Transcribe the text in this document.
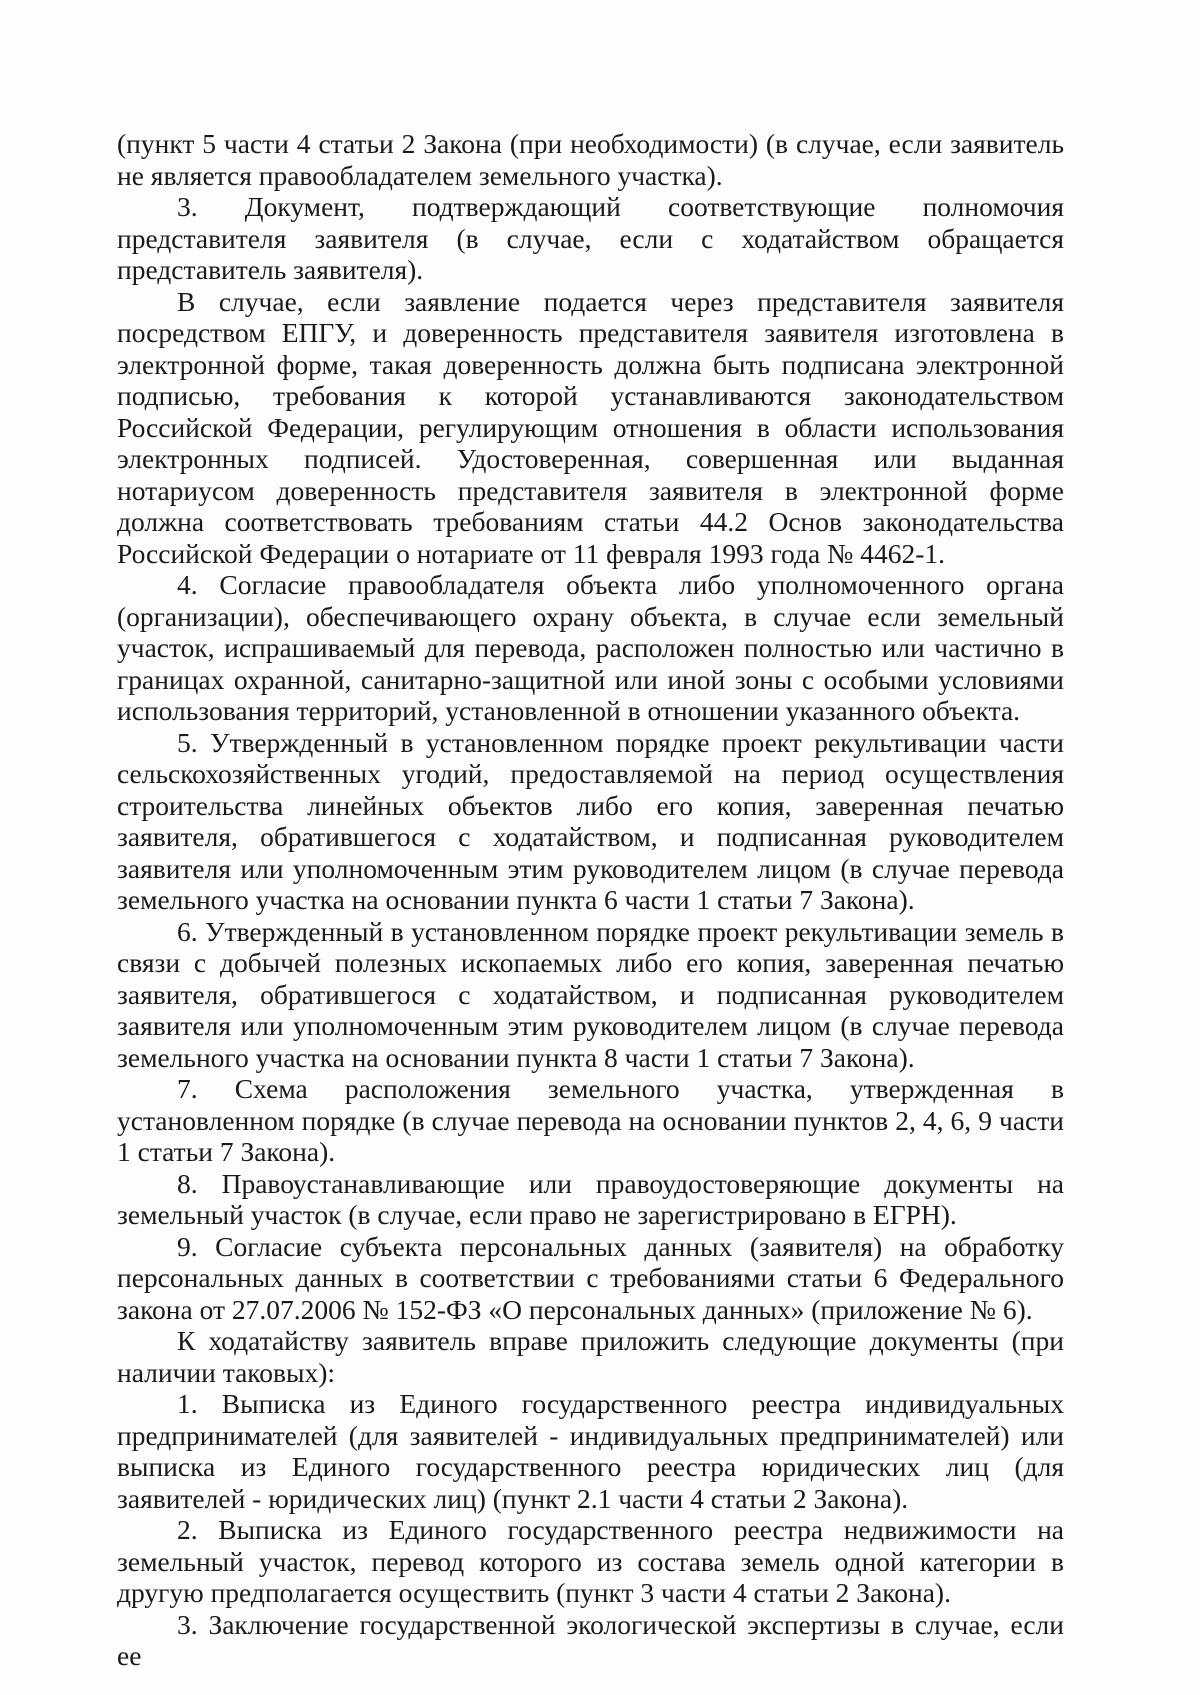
(пункт 5 части 4 статьи 2 Закона (при необходимости) (в случае, если заявитель не является правообладателем земельного участка).

3. Документ, подтверждающий соответствующие полномочия представителя заявителя (в случае, если с ходатайством обращается представитель заявителя).

В случае, если заявление подается через представителя заявителя посредством ЕПГУ, и доверенность представителя заявителя изготовлена в электронной форме, такая доверенность должна быть подписана электронной подписью, требования к которой устанавливаются законодательством Российской Федерации, регулирующим отношения в области использования электронных подписей. Удостоверенная, совершенная или выданная нотариусом доверенность представителя заявителя в электронной форме должна соответствовать требованиям статьи 44.2 Основ законодательства Российской Федерации о нотариате от 11 февраля 1993 года № 4462-1.

4. Согласие правообладателя объекта либо уполномоченного органа (организации), обеспечивающего охрану объекта, в случае если земельный участок, испрашиваемый для перевода, расположен полностью или частично в границах охранной, санитарно-защитной или иной зоны с особыми условиями использования территорий, установленной в отношении указанного объекта.

5. Утвержденный в установленном порядке проект рекультивации части сельскохозяйственных угодий, предоставляемой на период осуществления строительства линейных объектов либо его копия, заверенная печатью заявителя, обратившегося с ходатайством, и подписанная руководителем заявителя или уполномоченным этим руководителем лицом (в случае перевода земельного участка на основании пункта 6 части 1 статьи 7 Закона).

6. Утвержденный в установленном порядке проект рекультивации земель в связи с добычей полезных ископаемых либо его копия, заверенная печатью заявителя, обратившегося с ходатайством, и подписанная руководителем заявителя или уполномоченным этим руководителем лицом (в случае перевода земельного участка на основании пункта 8 части 1 статьи 7 Закона).

7. Схема расположения земельного участка, утвержденная в установленном порядке (в случае перевода на основании пунктов 2, 4, 6, 9 части 1 статьи 7 Закона).

8. Правоустанавливающие или правоудостоверяющие документы на земельный участок (в случае, если право не зарегистрировано в ЕГРН).

9. Согласие субъекта персональных данных (заявителя) на обработку персональных данных в соответствии с требованиями статьи 6 Федерального закона от 27.07.2006 № 152-ФЗ «О персональных данных» (приложение № 6).

К ходатайству заявитель вправе приложить следующие документы (при наличии таковых):

1. Выписка из Единого государственного реестра индивидуальных предпринимателей (для заявителей - индивидуальных предпринимателей) или выписка из Единого государственного реестра юридических лиц (для заявителей - юридических лиц) (пункт 2.1 части 4 статьи 2 Закона).

2. Выписка из Единого государственного реестра недвижимости на земельный участок, перевод которого из состава земель одной категории в другую предполагается осуществить (пункт 3 части 4 статьи 2 Закона).

3. Заключение государственной экологической экспертизы в случае, если ее
